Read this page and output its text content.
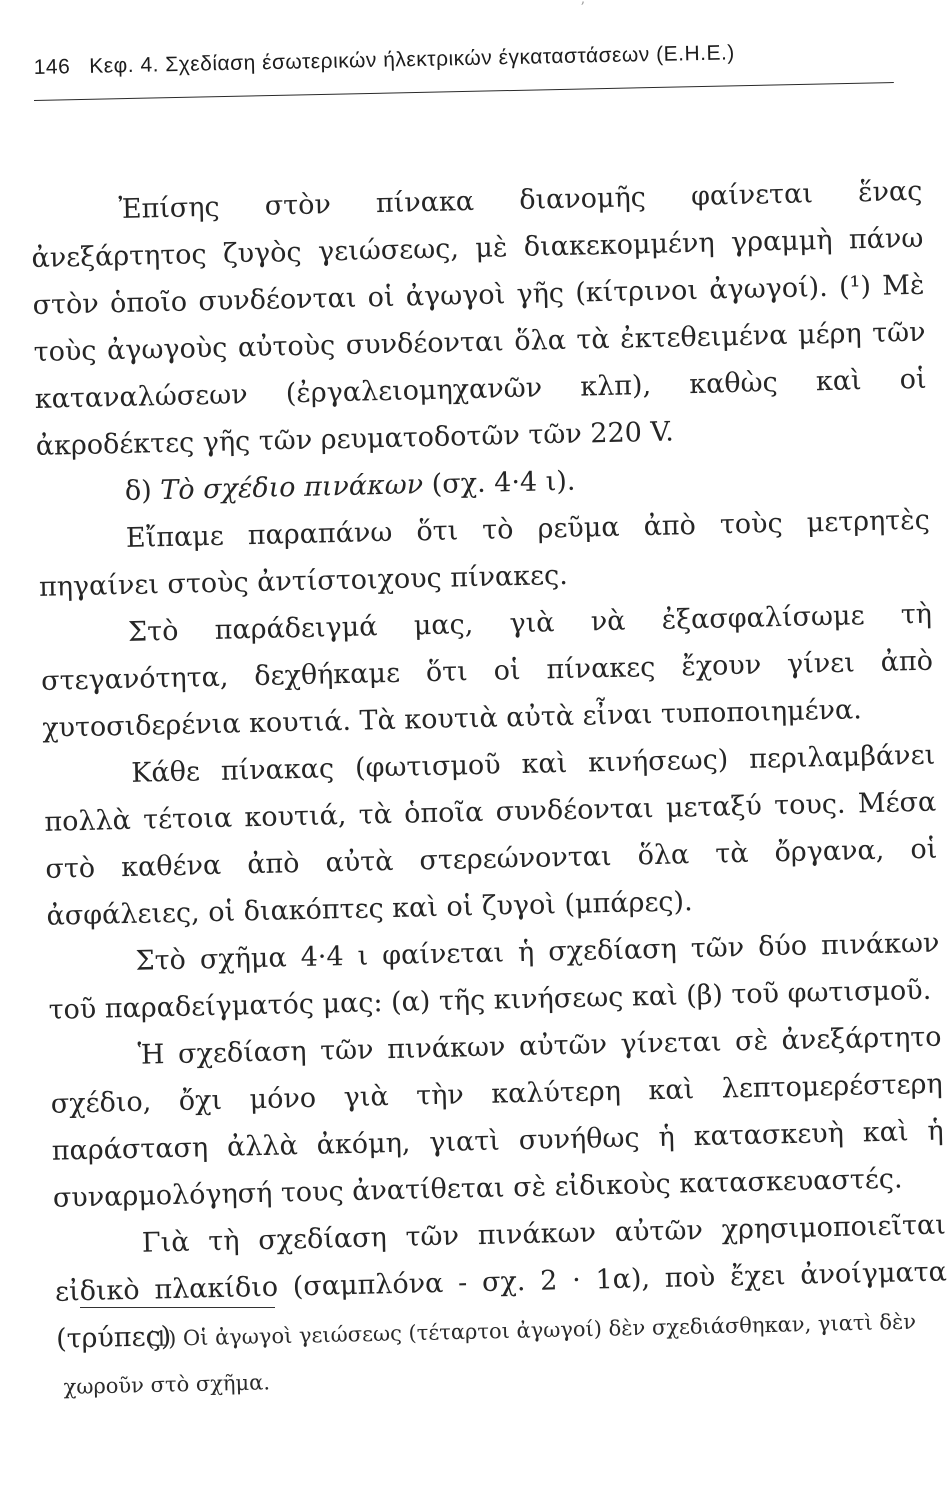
ʼ
146 Κεφ. 4. Σχεδίαση έσωτερικών ήλεκτρικών έγκαταστάσεων (Ε.Η.Ε.)

Ἐπίσης στὸν πίνακα διανομῆς φαίνεται ἕνας ἀνεξάρτητος ζυγὸς γειώσεως, μὲ διακεκομμένη γραμμὴ πάνω στὸν ὁποῖο συνδέονται οἱ ἀγωγοὶ γῆς (κίτρινοι ἀγωγοί). (¹) Μὲ τοὺς ἀγωγοὺς αὐτοὺς συνδέονται ὅλα τὰ ἐκτεθειμένα μέρη τῶν καταναλώσεων (ἐργαλειομηχανῶν κλπ), καθὼς καὶ οἱ ἀκροδέκτες γῆς τῶν ρευματοδοτῶν τῶν 220 V.

δ) Τὸ σχέδιο πινάκων (σχ. 4·4 ι).

Εἴπαμε παραπάνω ὅτι τὸ ρεῦμα ἀπὸ τοὺς μετρητὲς πηγαίνει στοὺς ἀντίστοιχους πίνακες.

Στὸ παράδειγμά μας, γιὰ νὰ ἐξασφαλίσωμε τὴ στεγανότητα, δεχθήκαμε ὅτι οἱ πίνακες ἔχουν γίνει ἀπὸ χυτοσιδερένια κουτιά. Τὰ κουτιὰ αὐτὰ εἶναι τυποποιημένα.

Κάθε πίνακας (φωτισμοῦ καὶ κινήσεως) περιλαμβάνει πολλὰ τέτοια κουτιά, τὰ ὁποῖα συνδέονται μεταξύ τους. Μέσα στὸ καθένα ἀπὸ αὐτὰ στερεώνονται ὅλα τὰ ὄργανα, οἱ ἀσφάλειες, οἱ διακόπτες καὶ οἱ ζυγοὶ (μπάρες).

Στὸ σχῆμα 4·4 ι φαίνεται ἡ σχεδίαση τῶν δύο πινάκων τοῦ παραδείγματός μας: (α) τῆς κινήσεως καὶ (β) τοῦ φωτισμοῦ.

Ἡ σχεδίαση τῶν πινάκων αὐτῶν γίνεται σὲ ἀνεξάρτητο σχέδιο, ὄχι μόνο γιὰ τὴν καλύτερη καὶ λεπτομερέστερη παράσταση ἀλλὰ ἀκόμη, γιατὶ συνήθως ἡ κατασκευὴ καὶ ἡ συναρμολόγησή τους ἀνατίθεται σὲ εἰδικοὺς κατασκευαστές.

Γιὰ τὴ σχεδίαση τῶν πινάκων αὐτῶν χρησιμοποιεῖται εἰδικὸ πλακίδιο (σαμπλόνα - σχ. 2 · 1α), ποὺ ἔχει ἀνοίγματα (τρύπες)

(1) Οἱ ἀγωγοὶ γειώσεως (τέταρτοι ἀγωγοί) δὲν σχεδιάσθηκαν, γιατὶ δὲν χωροῦν στὸ σχῆμα.
